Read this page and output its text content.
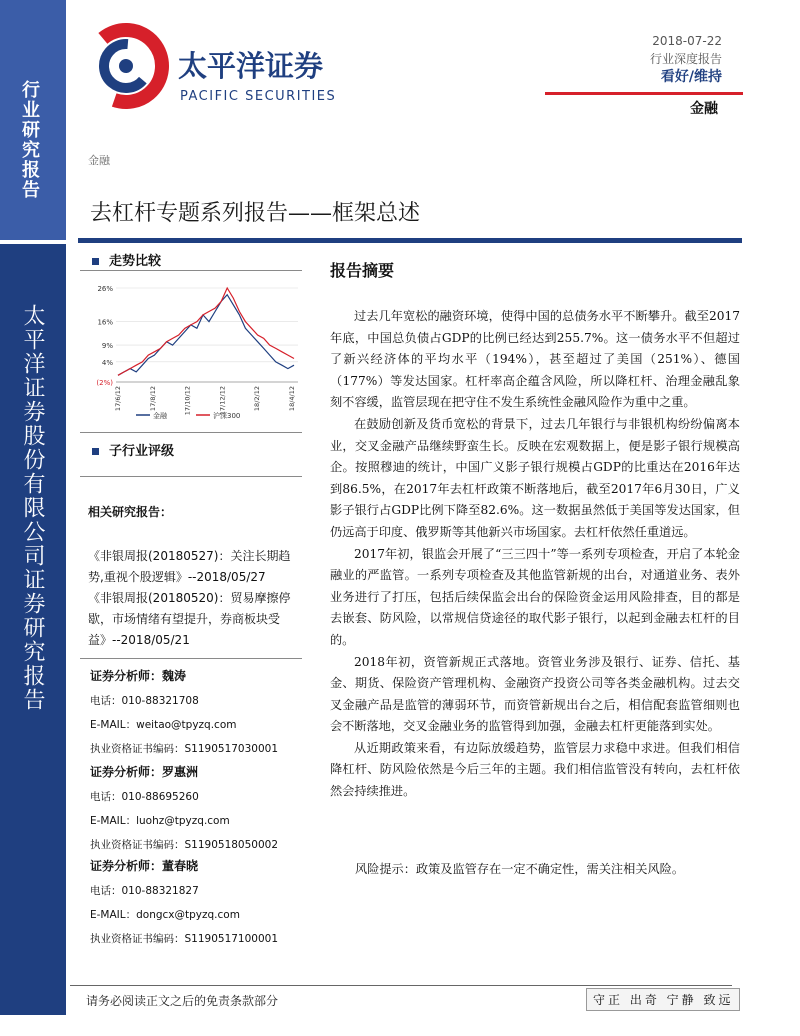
行业研究报告
太平洋证券股份有限公司证券研究报告
太平洋证券
PACIFIC SECURITIES
2018-07-22
行业深度报告
看好/维持
金融
金融
去杠杆专题系列报告——框架总述
走势比较
26%
16%
9%
4%
(2%)
17/6/12	17/8/12	17/10/12	17/12/12	18/2/12	18/4/12
金融	沪深300
子行业评级
相关研究报告：
《非银周报(20180527)：关注长期趋势,重视个股逻辑》--2018/05/27
《非银周报(20180520)：贸易摩擦停歇，市场情绪有望提升，券商板块受益》--2018/05/21
证券分析师：魏涛
电话：010-88321708
E-MAIL：weitao@tpyzq.com
执业资格证书编码：S1190517030001
证券分析师：罗惠洲
电话：010-88695260
E-MAIL：luohz@tpyzq.com
执业资格证书编码：S1190518050002
证券分析师：董春晓
电话：010-88321827
E-MAIL：dongcx@tpyzq.com
执业资格证书编码：S1190517100001
报告摘要

过去几年宽松的融资环境，使得中国的总债务水平不断攀升。截至2017年底，中国总负债占GDP的比例已经达到255.7%。这一债务水平不但超过了新兴经济体的平均水平（194%），甚至超过了美国（251%）、德国（177%）等发达国家。杠杆率高企蕴含风险，所以降杠杆、治理金融乱象刻不容缓，监管层现在把守住不发生系统性金融风险作为重中之重。

在鼓励创新及货币宽松的背景下，过去几年银行与非银机构纷纷偏离本业，交叉金融产品继续野蛮生长。反映在宏观数据上，便是影子银行规模高企。按照穆迪的统计，中国广义影子银行规模占GDP的比重达在2016年达到86.5%，在2017年去杠杆政策不断落地后，截至2017年6月30日，广义影子银行占GDP比例下降至82.6%。这一数据虽然低于美国等发达国家，但仍远高于印度、俄罗斯等其他新兴市场国家。去杠杆依然任重道远。

2017年初，银监会开展了“三三四十”等一系列专项检查，开启了本轮金融业的严监管。一系列专项检查及其他监管新规的出台，对通道业务、表外业务进行了打压，包括后续保监会出台的保险资金运用风险排查，目的都是去嵌套、防风险，以常规信贷途径的取代影子银行，以起到金融去杠杆的目的。

2018年初，资管新规正式落地。资管业务涉及银行、证券、信托、基金、期货、保险资产管理机构、金融资产投资公司等各类金融机构。过去交叉金融产品是监管的薄弱环节，而资管新规出台之后，相信配套监管细则也会不断落地，交叉金融业务的监管得到加强，金融去杠杆更能落到实处。

从近期政策来看，有边际放缓趋势，监管层力求稳中求进。但我们相信降杠杆、防风险依然是今后三年的主题。我们相信监管没有转向，去杠杆依然会持续推进。

风险提示：政策及监管存在一定不确定性，需关注相关风险。
请务必阅读正文之后的免责条款部分	守正 出奇 宁静 致远
